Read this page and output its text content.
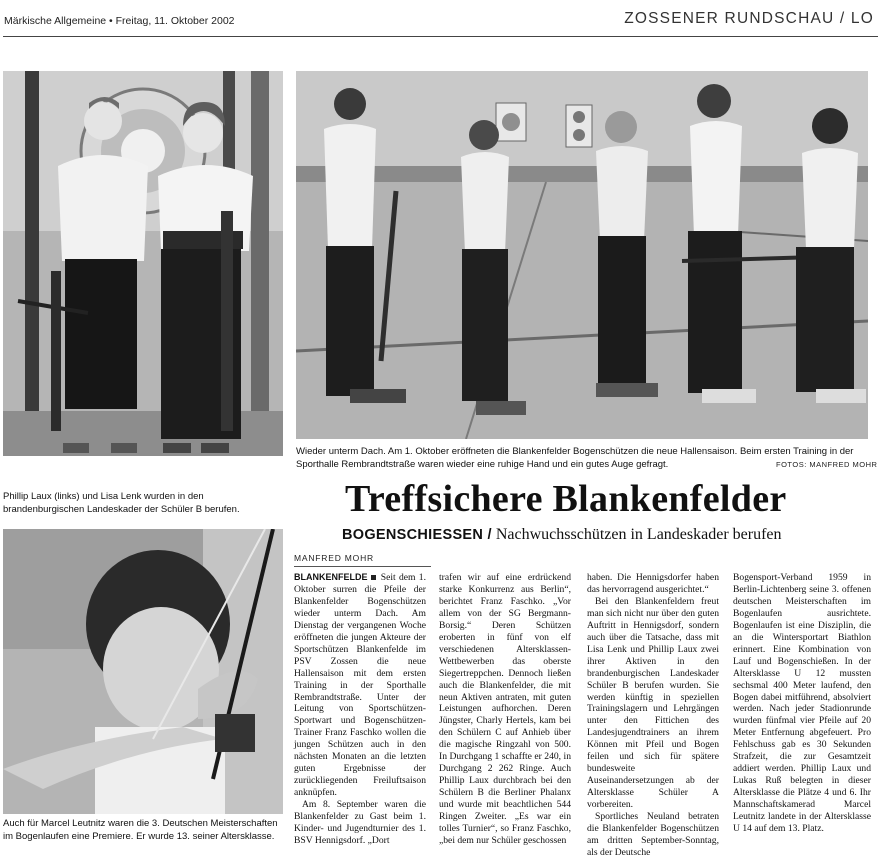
Märkische Allgemeine • Freitag, 11. Oktober 2002	ZOSSENER RUNDSCHAU / LO
Phillip Laux (links) und Lisa Lenk wurden in den brandenburgischen Landeskader der Schüler B berufen.
Wieder unterm Dach. Am 1. Oktober eröffneten die Blankenfelder Bogenschützen die neue Hallensaison. Beim ersten Training in der Sporthalle Rembrandtstraße waren wieder eine ruhige Hand und ein gutes Auge gefragt.	FOTOS: MANFRED MOHR
Auch für Marcel Leutnitz waren die 3. Deutschen Meisterschaften im Bogenlaufen eine Premiere. Er wurde 13. seiner Altersklasse.
Treffsichere Blankenfelder
BOGENSCHIESSEN / Nachwuchsschützen in Landeskader berufen
MANFRED MOHR

BLANKENFELDE Seit dem 1. Oktober surren die Pfeile der Blankenfelder Bogenschützen wieder unterm Dach. Am Dienstag der vergangenen Woche eröffneten die jungen Akteure der Sportschützen Blankenfelde im PSV Zossen die neue Hallensaison mit dem ersten Training in der Sporthalle Rembrandtstraße. Unter der Leitung von Sportschützen-Sportwart und Bogenschützen-Trainer Franz Faschko wollen die jungen Schützen auch in den nächsten Monaten an die letzten guten Ergebnisse der zurückliegenden Freiluftsaison anknüpfen.

Am 8. September waren die Blankenfelder zu Gast beim 1. Kinder- und Jugendturnier des 1. BSV Hennigsdorf. „Dort

trafen wir auf eine erdrückend starke Konkurrenz aus Berlin“, berichtet Franz Faschko. „Vor allem von der SG Bergmann-Borsig.“ Deren Schützen eroberten in fünf von elf verschiedenen Altersklassen-Wettbewerben das oberste Siegertreppchen. Dennoch ließen auch die Blankenfelder, die mit neun Aktiven antraten, mit guten Leistungen aufhorchen. Deren Jüngster, Charly Hertels, kam bei den Schülern C auf Anhieb über die magische Ringzahl von 500. In Durchgang 1 schaffte er 240, in Durchgang 2 262 Ringe. Auch Phillip Laux durchbrach bei den Schülern B die Berliner Phalanx und wurde mit beachtlichen 544 Ringen Zweiter. „Es war ein tolles Turnier“, so Franz Faschko, „bei dem nur Schüler geschossen

haben. Die Hennigsdorfer haben das hervorragend ausgerichtet.“

Bei den Blankenfeldern freut man sich nicht nur über den guten Auftritt in Hennigsdorf, sondern auch über die Tatsache, dass mit Lisa Lenk und Phillip Laux zwei ihrer Aktiven in den brandenburgischen Landeskader Schüler B berufen wurden. Sie werden künftig in speziellen Trainingslagern und Lehrgängen unter den Fittichen des Landesjugendtrainers an ihrem Können mit Pfeil und Bogen feilen und sich für spätere bundesweite Auseinandersetzungen ab der Altersklasse Schüler A vorbereiten.

Sportliches Neuland betraten die Blankenfelder Bogenschützen am dritten September-Sonntag, als der Deutsche

Bogensport-Verband 1959 in Berlin-Lichtenberg seine 3. offenen deutschen Meisterschaften im Bogenlaufen ausrichtete. Bogenlaufen ist eine Disziplin, die an die Wintersportart Biathlon erinnert. Eine Kombination von Lauf und Bogenschießen. In der Altersklasse U 12 mussten sechsmal 400 Meter laufend, den Bogen dabei mitführend, absolviert werden. Nach jeder Stadionrunde wurden fünfmal vier Pfeile auf 20 Meter Entfernung abgefeuert. Pro Fehlschuss gab es 30 Sekunden Strafzeit, die zur Gesamtzeit addiert werden. Phillip Laux und Lukas Ruß belegten in dieser Altersklasse die Plätze 4 und 6. Ihr Mannschaftskamerad Marcel Leutnitz landete in der Altersklasse U 14 auf dem 13. Platz.
